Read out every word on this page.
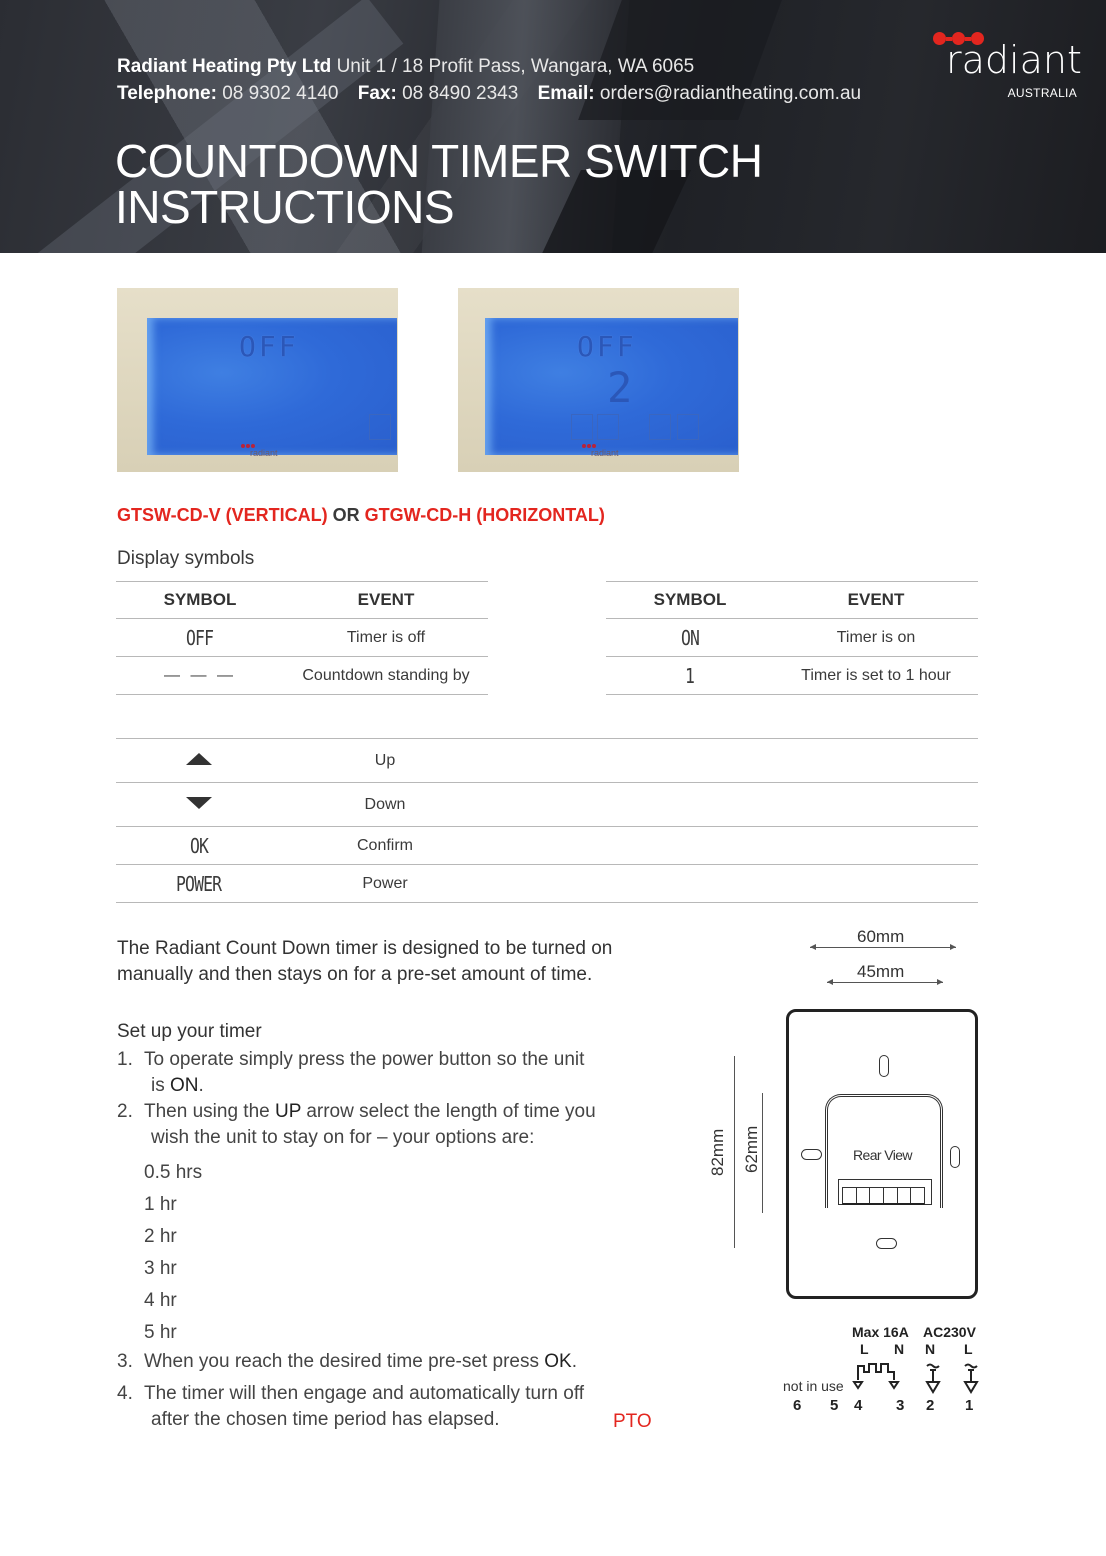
Radiant Heating Pty Ltd Unit 1 / 18 Profit Pass, Wangara, WA 6065
Telephone: 08 9302 4140 Fax: 08 8490 2343 Email: orders@radiantheating.com.au
radiant
AUSTRALIA
COUNTDOWN TIMER SWITCH
INSTRUCTIONS
OFF
radiant
OFF
2
radiant
GTSW-CD-V (VERTICAL) OR GTGW-CD-H (HORIZONTAL)
Display symbols
SYMBOL	EVENT
OFF	Timer is off
— — —	Countdown standing by
SYMBOL	EVENT
ON	Timer is on
1	Timer is set to 1 hour
Up
Down
OK	Confirm
POWER	Power
The Radiant Count Down timer is designed to be turned on manually and then stays on for a pre-set amount of time.
Set up your timer
1. To operate simply press the power button so the unit
is ON.
2. Then using the UP arrow select the length of time you
wish the unit to stay on for – your options are:
0.5 hrs
1 hr
2 hr
3 hr
4 hr
5 hr
3. When you reach the desired time pre-set press OK.
4. The timer will then engage and automatically turn off
after the chosen time period has elapsed.	PTO
60mm
45mm
82mm 62mm	Rear View
Max 16A AC230V
L N N L
not in use
6 5 4 3 2 1
